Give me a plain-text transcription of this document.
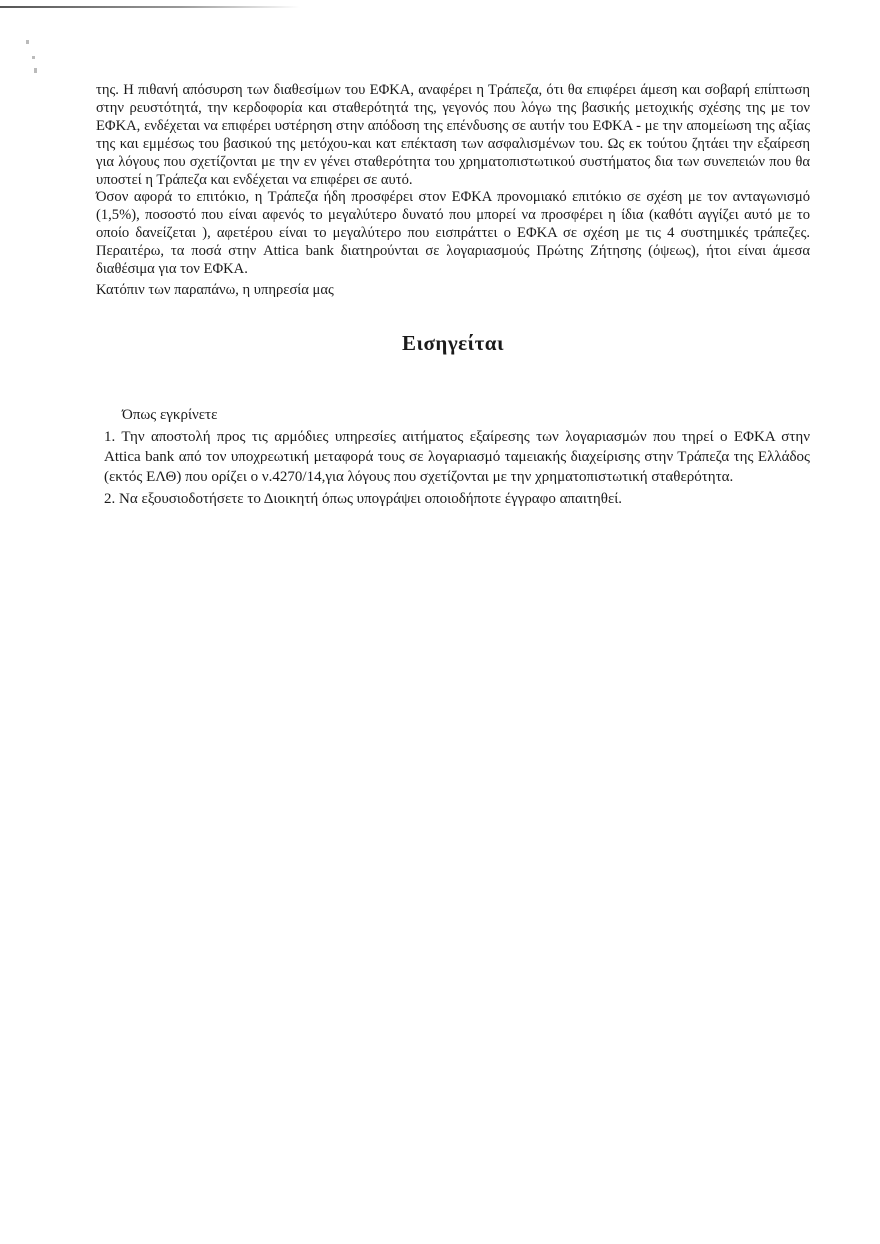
της. Η πιθανή απόσυρση των διαθεσίμων του ΕΦΚΑ, αναφέρει η Τράπεζα, ότι θα επιφέρει άμεση και σοβαρή επίπτωση στην ρευστότητά, την κερδοφορία και σταθερότητά της, γεγονός που λόγω της βασικής μετοχικής σχέσης της με τον ΕΦΚΑ, ενδέχεται να επιφέρει υστέρηση στην απόδοση της επένδυσης σε αυτήν του ΕΦΚΑ - με την απομείωση της αξίας της και εμμέσως του βασικού της μετόχου-και κατ επέκταση των ασφαλισμένων του. Ως εκ τούτου ζητάει την εξαίρεση για λόγους που σχετίζονται με την εν γένει σταθερότητα του χρηματοπιστωτικού συστήματος δια των συνεπειών που θα υποστεί η Τράπεζα και ενδέχεται να επιφέρει σε αυτό.

Όσον αφορά το επιτόκιο, η Τράπεζα ήδη προσφέρει στον ΕΦΚΑ προνομιακό επιτόκιο σε σχέση με τον ανταγωνισμό (1,5%), ποσοστό που είναι αφενός το μεγαλύτερο δυνατό που μπορεί να προσφέρει η ίδια (καθότι αγγίζει αυτό με το οποίο δανείζεται ), αφετέρου είναι το μεγαλύτερο που εισπράττει ο ΕΦΚΑ σε σχέση με τις 4 συστημικές τράπεζες. Περαιτέρω, τα ποσά στην Attica bank διατηρούνται σε λογαριασμούς Πρώτης Ζήτησης (όψεως), ήτοι είναι άμεσα διαθέσιμα για τον ΕΦΚΑ.

Κατόπιν των παραπάνω, η υπηρεσία μας

Εισηγείται

Όπως εγκρίνετε

1. Την αποστολή προς τις αρμόδιες υπηρεσίες αιτήματος εξαίρεσης των λογαριασμών που τηρεί ο ΕΦΚΑ στην Attica bank από τον υποχρεωτική μεταφορά τους σε λογαριασμό ταμειακής διαχείρισης στην Τράπεζα της Ελλάδος (εκτός ΕΛΘ) που ορίζει ο ν.4270/14,για λόγους που σχετίζονται με την χρηματοπιστωτική σταθερότητα.
2. Να εξουσιοδοτήσετε το Διοικητή όπως υπογράψει οποιοδήποτε έγγραφο απαιτηθεί.
